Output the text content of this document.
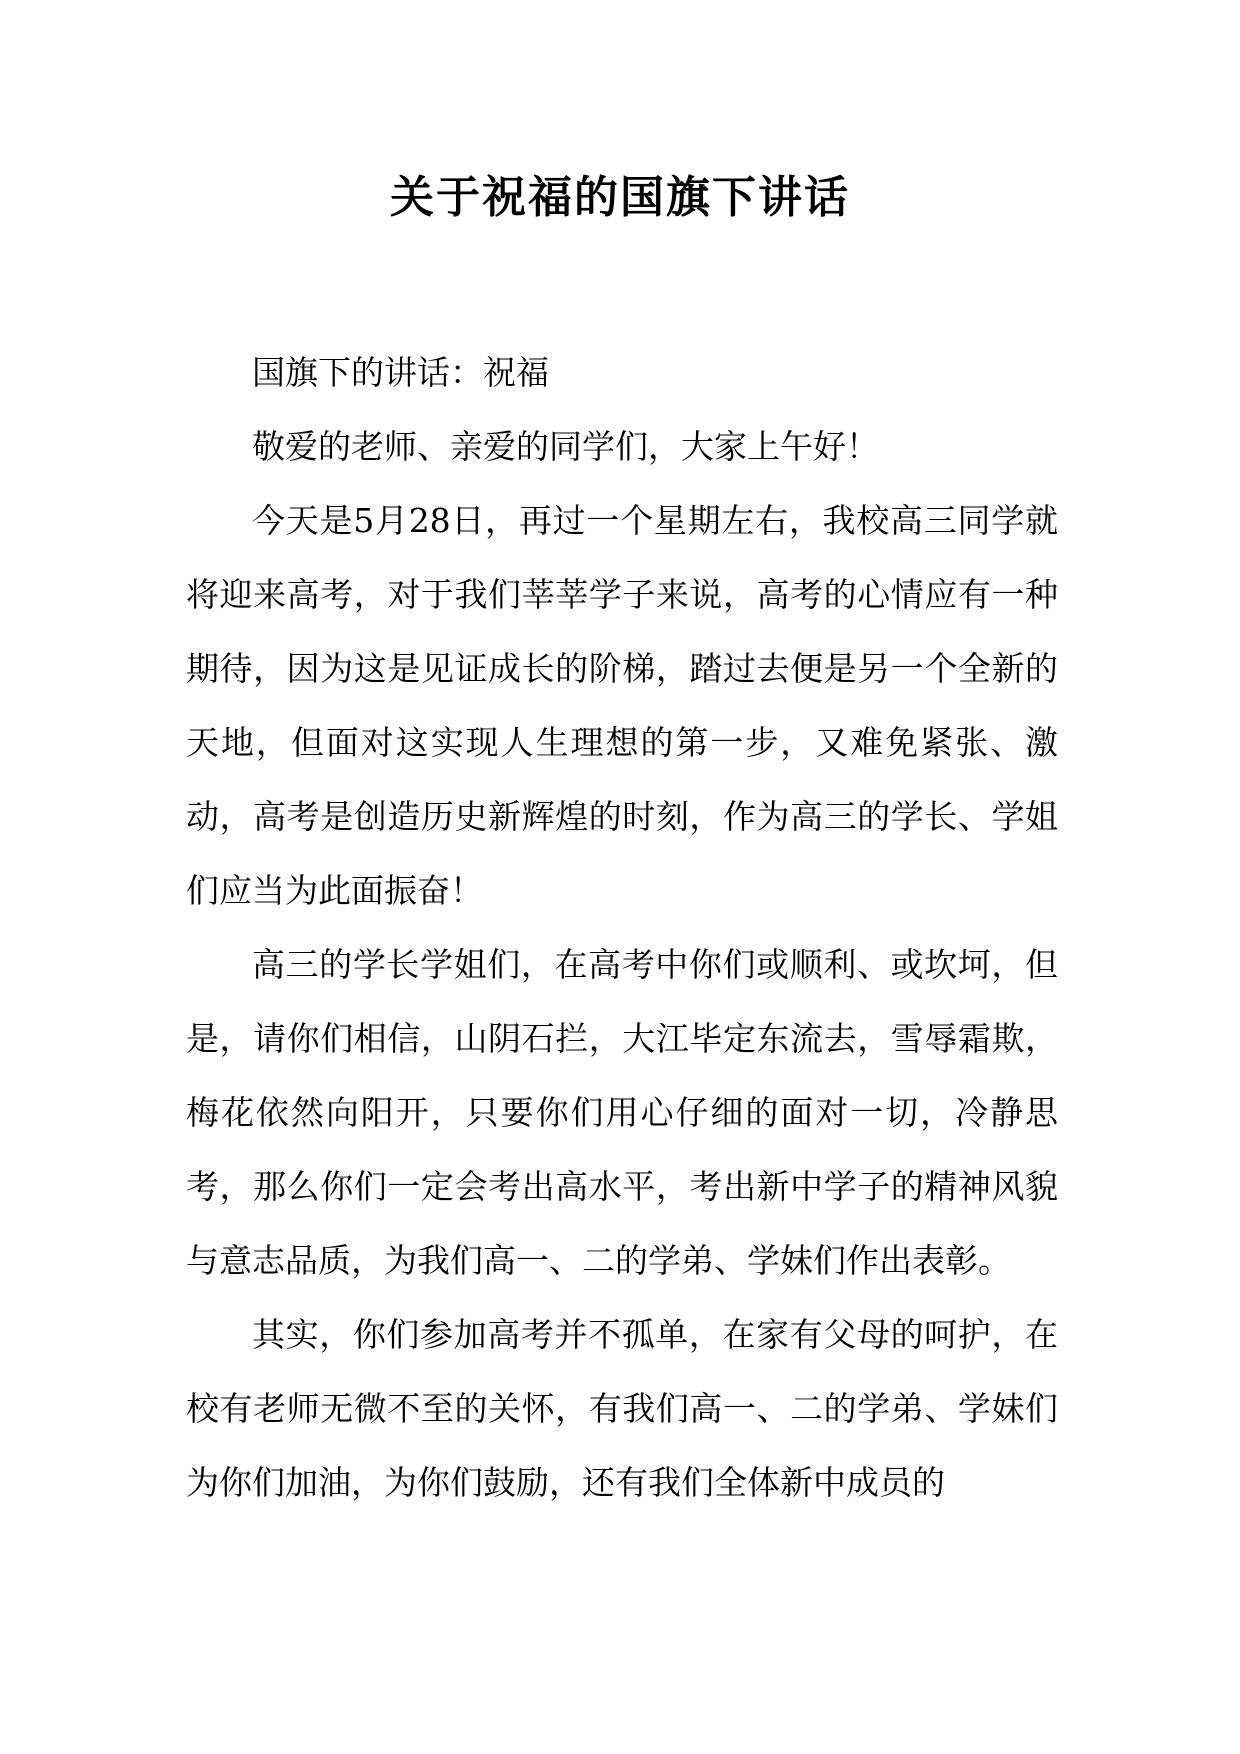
关于祝福的国旗下讲话

国旗下的讲话：祝福

敬爱的老师、亲爱的同学们，大家上午好！

今天是5月28日，再过一个星期左右，我校高三同学就将迎来高考，对于我们莘莘学子来说，高考的心情应有一种期待，因为这是见证成长的阶梯，踏过去便是另一个全新的天地，但面对这实现人生理想的第一步，又难免紧张、激动，高考是创造历史新辉煌的时刻，作为高三的学长、学姐们应当为此面振奋！

高三的学长学姐们，在高考中你们或顺利、或坎坷，但是，请你们相信，山阴石拦，大江毕定东流去，雪辱霜欺，梅花依然向阳开，只要你们用心仔细的面对一切，冷静思考，那么你们一定会考出高水平，考出新中学子的精神风貌与意志品质，为我们高一、二的学弟、学妹们作出表彰。

其实，你们参加高考并不孤单，在家有父母的呵护，在校有老师无微不至的关怀，有我们高一、二的学弟、学妹们为你们加油，为你们鼓励，还有我们全体新中成员的
